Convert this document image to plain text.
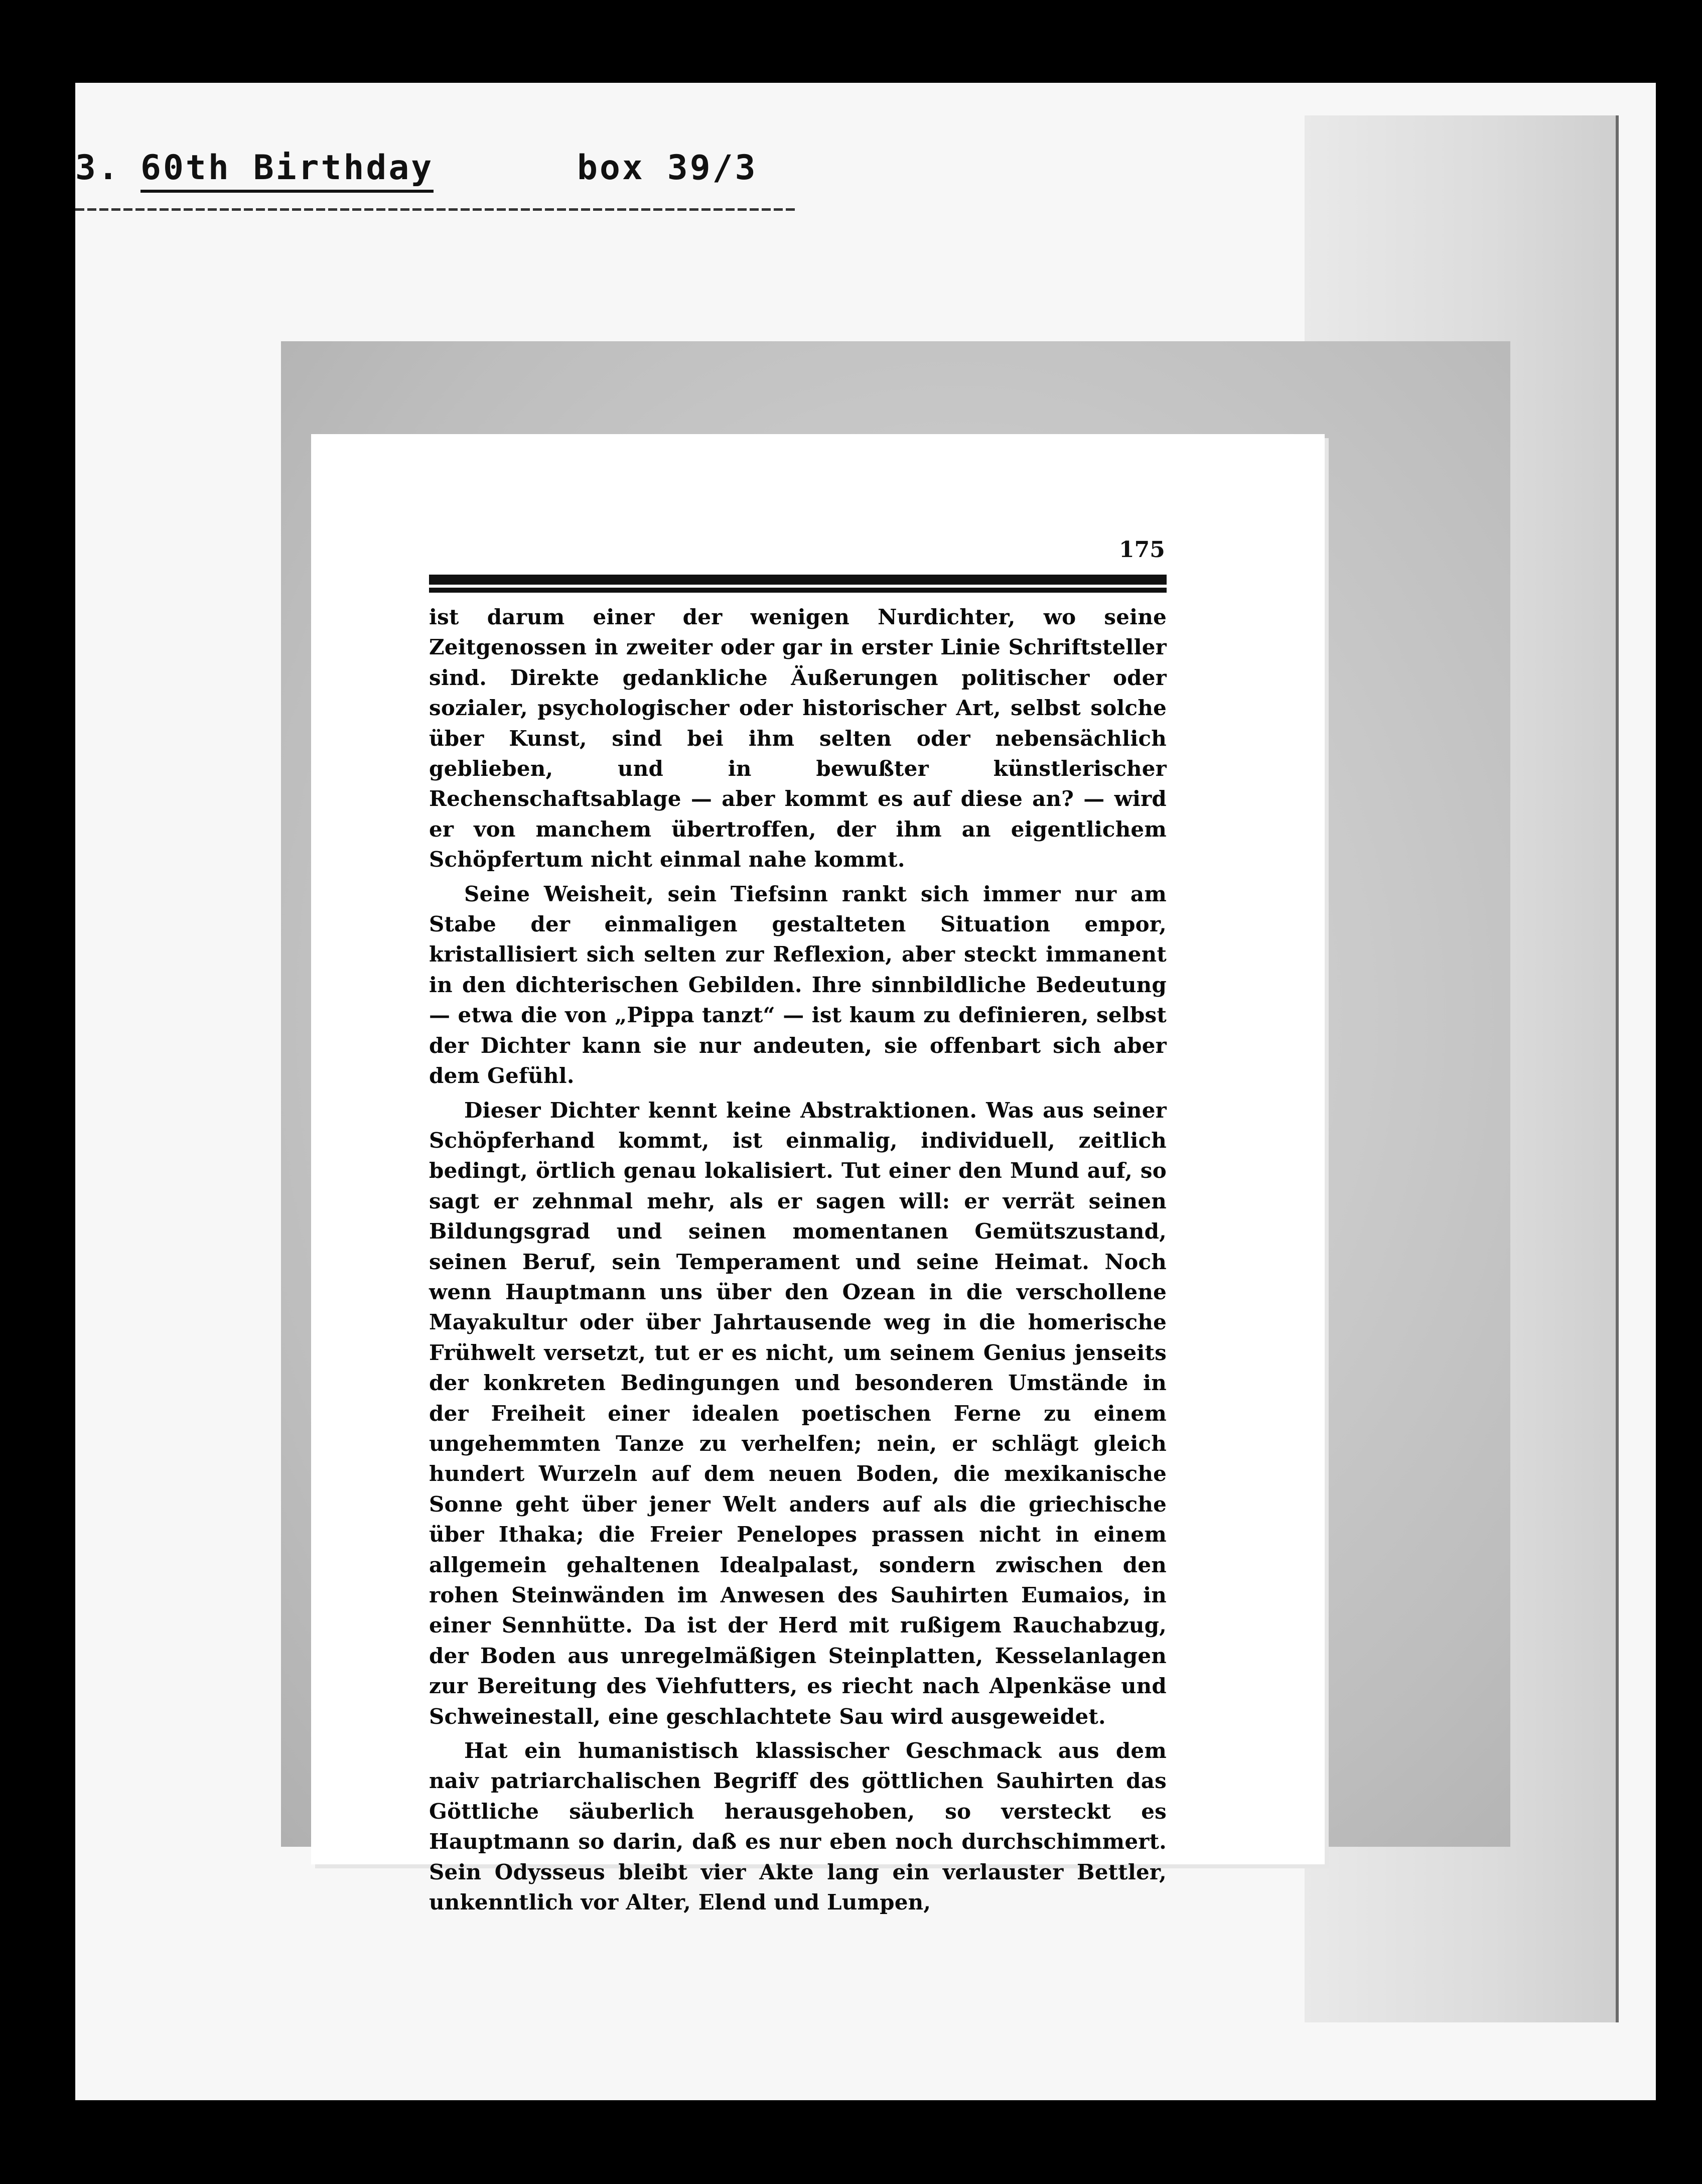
3. 60th Birthday	box 39/3
175

ist darum einer der wenigen Nurdichter, wo seine Zeitgenossen in zweiter oder gar in erster Linie Schriftsteller sind. Direkte gedankliche Äußerungen politischer oder sozialer, psychologischer oder historischer Art, selbst solche über Kunst, sind bei ihm selten oder nebensächlich geblieben, und in bewußter künstlerischer Rechenschaftsablage — aber kommt es auf diese an? — wird er von manchem übertroffen, der ihm an eigentlichem Schöpfertum nicht einmal nahe kommt.

Seine Weisheit, sein Tiefsinn rankt sich immer nur am Stabe der einmaligen gestalteten Situation empor, kristallisiert sich selten zur Reflexion, aber steckt immanent in den dichterischen Gebilden. Ihre sinnbildliche Bedeutung — etwa die von „Pippa tanzt“ — ist kaum zu definieren, selbst der Dichter kann sie nur andeuten, sie offenbart sich aber dem Gefühl.

Dieser Dichter kennt keine Abstraktionen. Was aus seiner Schöpferhand kommt, ist einmalig, individuell, zeitlich bedingt, örtlich genau lokalisiert. Tut einer den Mund auf, so sagt er zehnmal mehr, als er sagen will: er verrät seinen Bildungsgrad und seinen momentanen Gemütszustand, seinen Beruf, sein Temperament und seine Heimat. Noch wenn Hauptmann uns über den Ozean in die verschollene Mayakultur oder über Jahrtausende weg in die homerische Frühwelt versetzt, tut er es nicht, um seinem Genius jenseits der konkreten Bedingungen und besonderen Umstände in der Freiheit einer idealen poetischen Ferne zu einem ungehemmten Tanze zu verhelfen; nein, er schlägt gleich hundert Wurzeln auf dem neuen Boden, die mexikanische Sonne geht über jener Welt anders auf als die griechische über Ithaka; die Freier Penelopes prassen nicht in einem allgemein gehaltenen Idealpalast, sondern zwischen den rohen Steinwänden im Anwesen des Sauhirten Eumaios, in einer Sennhütte. Da ist der Herd mit rußigem Rauchabzug, der Boden aus unregelmäßigen Steinplatten, Kesselanlagen zur Bereitung des Viehfutters, es riecht nach Alpenkäse und Schweinestall, eine geschlachtete Sau wird ausgeweidet.

Hat ein humanistisch klassischer Geschmack aus dem naiv patriarchalischen Begriff des göttlichen Sauhirten das Göttliche säuberlich herausgehoben, so versteckt es Hauptmann so darin, daß es nur eben noch durchschimmert. Sein Odysseus bleibt vier Akte lang ein verlauster Bettler, unkenntlich vor Alter, Elend und Lumpen,
